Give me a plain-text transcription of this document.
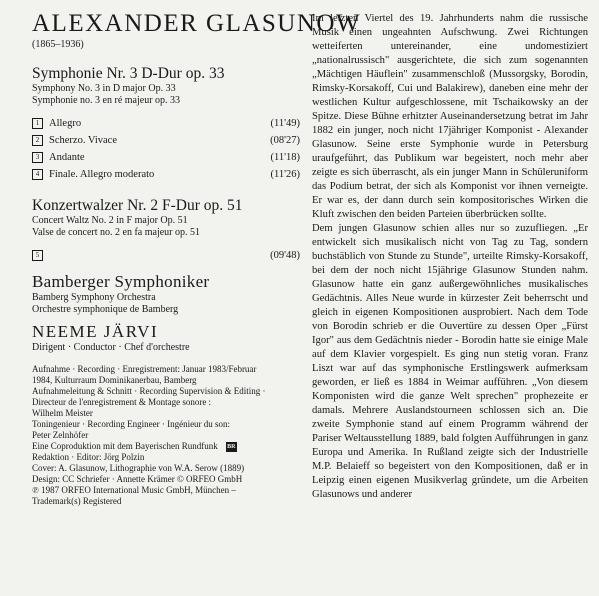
ALEXANDER GLASUNOW
(1865–1936)
Symphonie Nr. 3 D-Dur op. 33
Symphony No. 3 in D major Op. 33
Symphonie no. 3 en ré majeur op. 33
1 Allegro	(11'49)
2 Scherzo. Vivace	(08'27)
3 Andante	(11'18)
4 Finale. Allegro moderato	(11'26)
Konzertwalzer Nr. 2 F-Dur op. 51
Concert Waltz No. 2 in F major Op. 51
Valse de concert no. 2 en fa majeur op. 51
5	(09'48)
Bamberger Symphoniker
Bamberg Symphony Orchestra
Orchestre symphonique de Bamberg
NEEME JÄRVI
Dirigent · Conductor · Chef d'orchestre
Aufnahme · Recording · Enregistrement: Januar 1983/Februar
1984, Kulturraum Dominikanerbau, Bamberg
Aufnahmeleitung & Schnitt · Recording Supervision & Editing ·
Directeur de l'enregistrement & Montage sonore :
Wilhelm Meister
Toningenieur · Recording Engineer · Ingénieur du son:
Peter Zelnhöfer
Eine Coproduktion mit dem Bayerischen Rundfunk BR
Redaktion · Editor: Jörg Polzin
Cover: A. Glasunow, Lithographie von W.A. Serow (1889)
Design: CC Schriefer · Annette Krämer © ORFEO GmbH
℗ 1987 ORFEO International Music GmbH, München –
Trademark(s) Registered

Im letzten Viertel des 19. Jahrhunderts nahm die russische Musik einen ungeahnten Aufschwung. Zwei Richtungen wetteiferten untereinander, eine undomestiziert „nationalrussisch" ausgerichtete, die sich zum sogenannten „Mächtigen Häuflein" zusammenschloß (Mussorgsky, Borodin, Rimsky-Korsakoff, Cui und Balakirew), daneben eine mehr der westlichen Kultur aufgeschlossene, mit Tschaikowsky an der Spitze. Diese Bühne erhitzter Auseinandersetzung betrat im Jahr 1882 ein junger, noch nicht 17jähriger Komponist - Alexander Glasunow. Seine erste Symphonie wurde in Petersburg uraufgeführt, das Publikum war begeistert, noch mehr aber zeigte es sich überrascht, als ein junger Mann in Schüleruniform das Podium betrat, der sich als Komponist vor ihnen verneigte. Er war es, der dann durch sein kompositorisches Wirken die Kluft zwischen den beiden Parteien überbrücken sollte.

Dem jungen Glasunow schien alles nur so zuzufliegen. „Er entwickelt sich musikalisch nicht von Tag zu Tag, sondern buchstäblich von Stunde zu Stunde", urteilte Rimsky-Korsakoff, bei dem der noch nicht 15jährige Glasunow Stunden nahm. Glasunow hatte ein ganz außergewöhnliches musikalisches Gedächtnis. Alles Neue wurde in kürzester Zeit beherrscht und gleich in eigenen Kompositionen ausprobiert. Nach dem Tode von Borodin schrieb er die Ouvertüre zu dessen Oper „Fürst Igor" aus dem Gedächtnis nieder - Borodin hatte sie einige Male auf dem Klavier vorgespielt. Es ging nun stetig voran. Franz Liszt war auf das symphonische Erstlingswerk aufmerksam geworden, er ließ es 1884 in Weimar aufführen. „Von diesem Komponisten wird die ganze Welt sprechen" prophezeite er damals. Mehrere Auslandstourneen schlossen sich an. Die zweite Symphonie stand auf einem Programm während der Pariser Weltausstellung 1889, bald folgten Aufführungen in ganz Europa und Amerika. In Rußland zeigte sich der Industrielle M.P. Belaieff so begeistert von den Kompositionen, daß er in Leipzig einen eigenen Musikverlag gründete, um die Arbeiten Glasunows und anderer
